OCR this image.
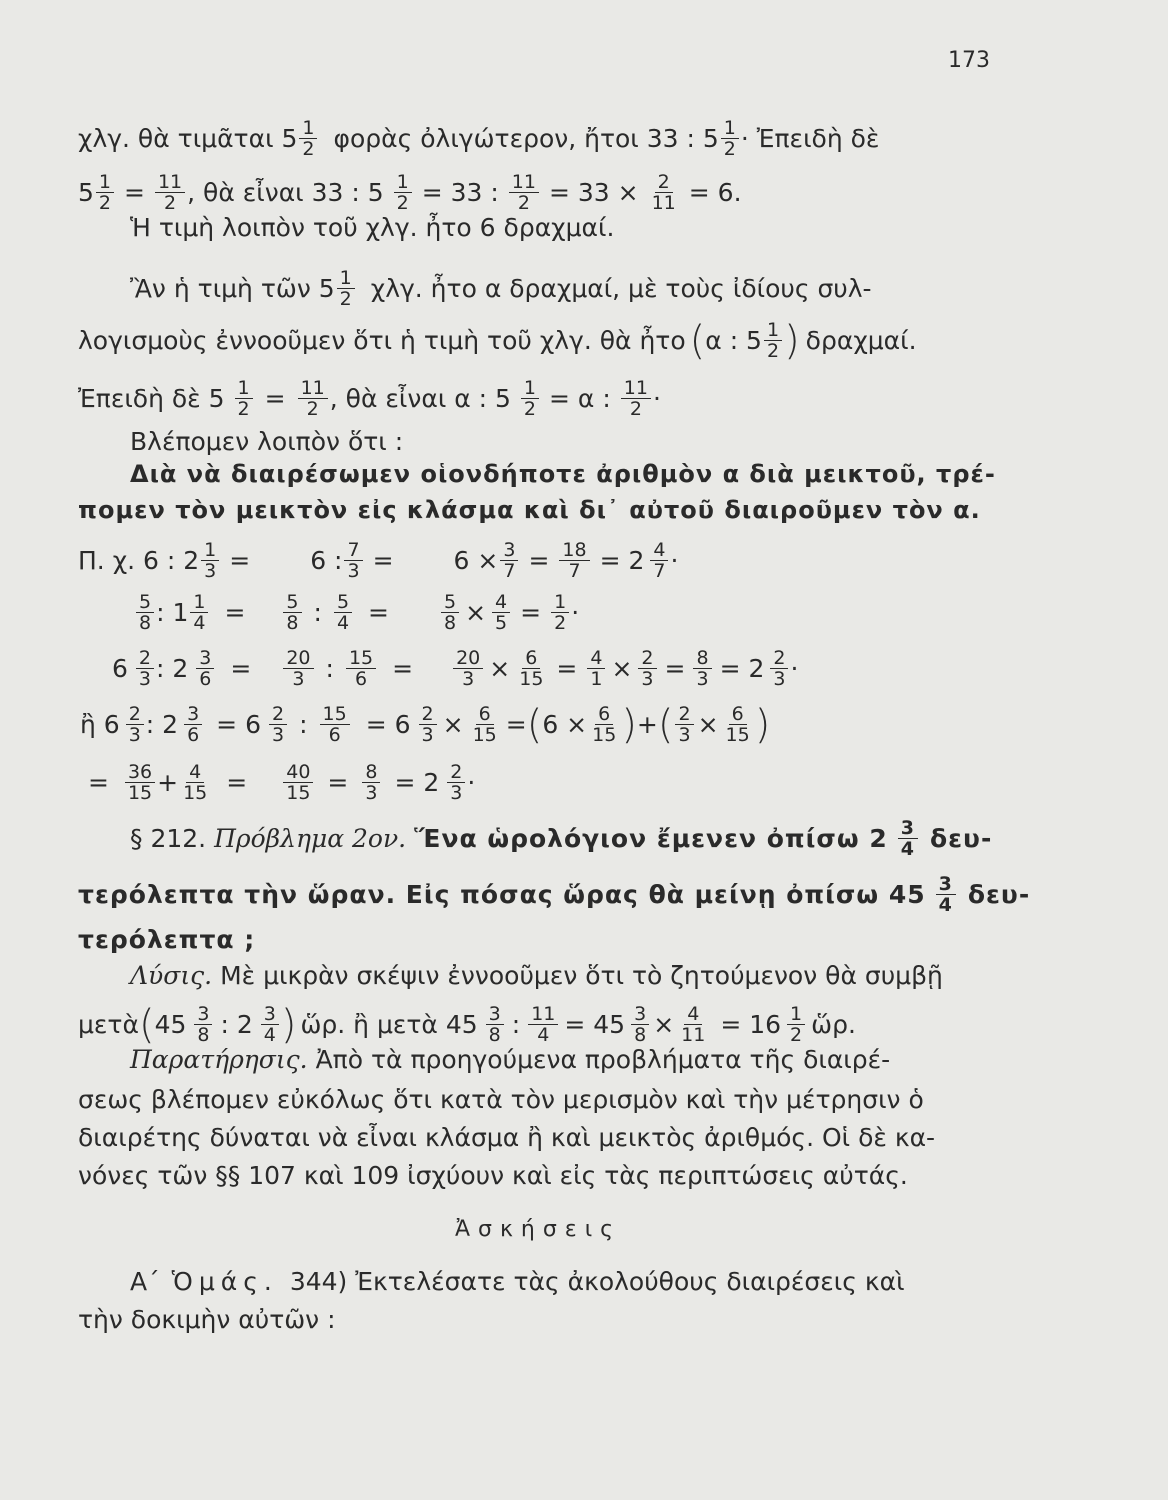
173
χλγ. θὰ τιμᾶται $5 \frac{1}{2}$ φορὰς ὀλιγώτερον, ἤτοι 33 : $5 \frac{1}{2}$ · Ἐπειδὴ δὲ
$5 \frac{1}{2} = \frac{11}{2}$ , θὰ εἶναι 33 : $5 \frac{1}{2} = 33$ : $\frac{11}{2} = 33 \times \frac{2}{11} = 6$.
Ἡ τιμὴ λοιπὸν τοῦ χλγ. ἦτο 6 δραχμαί.
Ἂν ἡ τιμὴ τῶν $5 \frac{1}{2} \chi\lambda\gamma$. ἦτο α δραχμαί, μὲ τοὺς ἰδίους συλ-
λογισμοὺς ἐννοοῦμεν ὅτι ἡ τιμὴ τοῦ χλγ. θὰ ἦτο ( α : $5 \frac{1}{2}$ ) δραχμαί.
Ἐπειδὴ δὲ $5 \frac{1}{2} = \frac{11}{2}$ , θὰ εἶναι α : $5 \frac{1}{2} = \alpha$ : $\frac{11}{2}$ ·
Βλέπομεν λοιπὸν ὅτι :
Διὰ νὰ διαιρέσωμεν οἱονδήποτε ἀριθμὸν α διὰ μεικτοῦ, τρέ-
πομεν τὸν μεικτὸν εἰς κλάσμα καὶ δι᾽ αὐτοῦ διαιροῦμεν τὸν α.
Π. χ. 6 : $2 \frac{1}{3} = 6$ : $\frac{7}{3} = 6 \times \frac{3}{7} = \frac{18}{7} = 2 \frac{4}{7}$ ·
$\frac{5}{8}$ : $1 \frac{1}{4} = \frac{5}{8}$ : $\frac{5}{4}$ =	$\frac{5}{8} \times \frac{4}{5} = \frac{1}{2}$ ·
$6 \frac{2}{3}$ : $2 \frac{3}{6} = \frac{20}{3}$ : $\frac{15}{6} = \frac{20}{3} \times \frac{6}{15} = \frac{4}{1} \times \frac{2}{3} = \frac{8}{3} = 2 \frac{2}{3}$ ·
ἢ $6 \frac{2}{3}$ : $2 \frac{3}{6} = 6 \frac{2}{3}$ : $\frac{15}{6} = 6 \frac{2}{3} \times \frac{6}{15}$ = ( $6 \times \frac{6}{15}$ ) + ( $\frac{2}{3} \times \frac{6}{15}$ )
= $\frac{36}{15} + \frac{4}{15} = \frac{40}{15} = \frac{8}{3} = 2 \frac{2}{3}$ ·
§ 212. Πρόβλημα 2ον. Ἕνα ὡρολόγιον ἔμενεν ὀπίσω $2 \frac{3}{4} \delta\varepsilon\upsilon-$
τερόλεπτα τὴν ὥραν. Εἰς πόσας ὥρας θὰ μείνῃ ὀπίσω $45 \frac{3}{4} \delta\varepsilon\upsilon-$
τερόλεπτα ;
Λύσις. Μὲ μικρὰν σκέψιν ἐννοοῦμεν ὅτι τὸ ζητούμενον θὰ συμβῇ
μετὰ ( $45 \frac{3}{8}$ : $2 \frac{3}{4}$ ) ὥρ. ἢ μετὰ $45 \frac{3}{8}$ : $\frac{11}{4} = 45 \frac{3}{8} \times \frac{4}{11} = 16 \frac{1}{2}$ ὥρ.
Παρατήρησις. Ἀπὸ τὰ προηγούμενα προβλήματα τῆς διαιρέ-
σεως βλέπομεν εὐκόλως ὅτι κατὰ τὸν μερισμὸν καὶ τὴν μέτρησιν ὁ
διαιρέτης δύναται νὰ εἶναι κλάσμα ἢ καὶ μεικτὸς ἀριθμός. Οἱ δὲ κα-
νόνες τῶν §§ 107 καὶ 109 ἰσχύουν καὶ εἰς τὰς περιπτώσεις αὐτάς.
Ἀσκήσεις
Α΄ Ὁμάς. 344) Ἐκτελέσατε τὰς ἀκολούθους διαιρέσεις καὶ
τὴν δοκιμὴν αὐτῶν :
